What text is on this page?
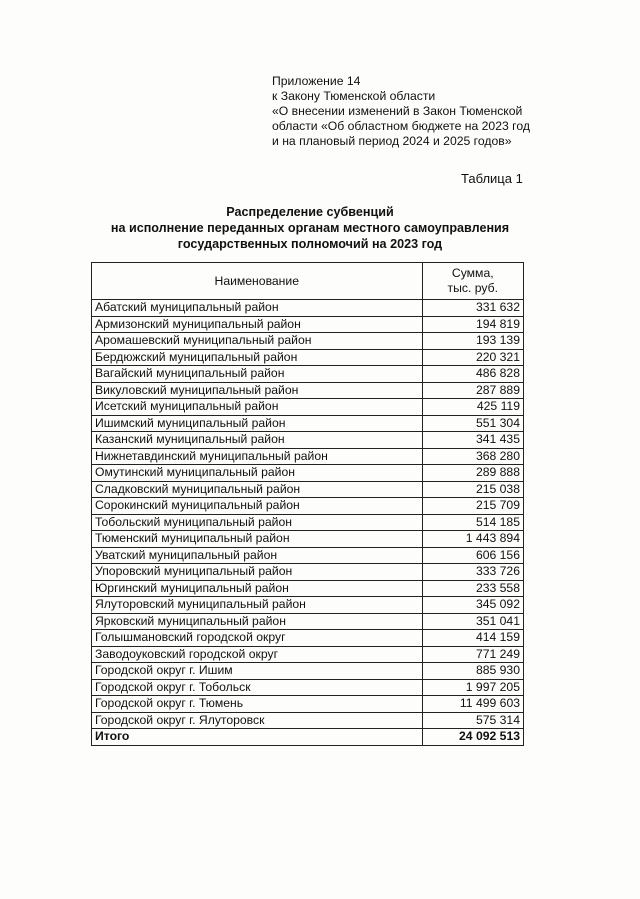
Приложение 14
к Закону Тюменской области
«О внесении изменений в Закон Тюменской
области «Об областном бюджете на 2023 год
и на плановый период 2024 и 2025 годов»
Таблица 1
Распределение субвенций
на исполнение переданных органам местного самоуправления
государственных полномочий на 2023 год
Наименование	Сумма,
тыс. руб.

Абатский муниципальный район	331 632
Армизонский муниципальный район	194 819
Аромашевский муниципальный район	193 139
Бердюжский муниципальный район	220 321
Вагайский муниципальный район	486 828
Викуловский муниципальный район	287 889
Исетский муниципальный район	425 119
Ишимский муниципальный район	551 304
Казанский муниципальный район	341 435
Нижнетавдинский муниципальный район	368 280
Омутинский муниципальный район	289 888
Сладковский муниципальный район	215 038
Сорокинский муниципальный район	215 709
Тобольский муниципальный район	514 185
Тюменский муниципальный район	1 443 894
Уватский муниципальный район	606 156
Упоровский муниципальный район	333 726
Юргинский муниципальный район	233 558
Ялуторовский муниципальный район	345 092
Ярковский муниципальный район	351 041
Голышмановский городской округ	414 159
Заводоуковский городской округ	771 249
Городской округ г. Ишим	885 930
Городской округ г. Тобольск	1 997 205
Городской округ г. Тюмень	11 499 603
Городской округ г. Ялуторовск	575 314
Итого	24 092 513
